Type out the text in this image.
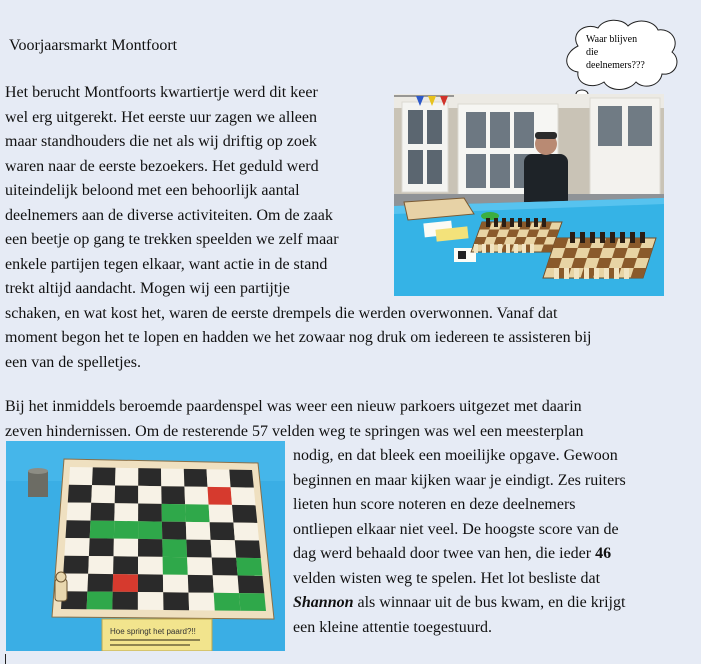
Voorjaarsmarkt Montfoort	Waar blijven
die
deelnemers???
Het berucht Montfoorts kwartiertje werd dit keer
wel erg uitgerekt. Het eerste uur zagen we alleen
maar standhouders die net als wij driftig op zoek
waren naar de eerste bezoekers. Het geduld werd
uiteindelijk beloond met een behoorlijk aantal
deelnemers aan de diverse activiteiten. Om de zaak
een beetje op gang te trekken speelden we zelf maar
enkele partijen tegen elkaar, want actie in de stand
trekt altijd aandacht. Mogen wij een partijtje
schaken, en wat kost het, waren de eerste drempels die werden overwonnen. Vanaf dat
moment begon het te lopen en hadden we het zowaar nog druk om iedereen te assisteren bij
een van de spelletjes.
Bij het inmiddels beroemde paardenspel was weer een nieuw parkoers uitgezet met daarin
zeven hindernissen. Om de resterende 57 velden weg te springen was wel een meesterplan
nodig, en dat bleek een moeilijke opgave. Gewoon
beginnen en maar kijken waar je eindigt. Zes ruiters
lieten hun score noteren en deze deelnemers
ontliepen elkaar niet veel. De hoogste score van de
dag werd behaald door twee van hen, die ieder 46
velden wisten weg te spelen. Het lot besliste dat
Shannon als winnaar uit de bus kwam, en die krijgt
een kleine attentie toegestuurd.
Hoe springt het paard?!!
